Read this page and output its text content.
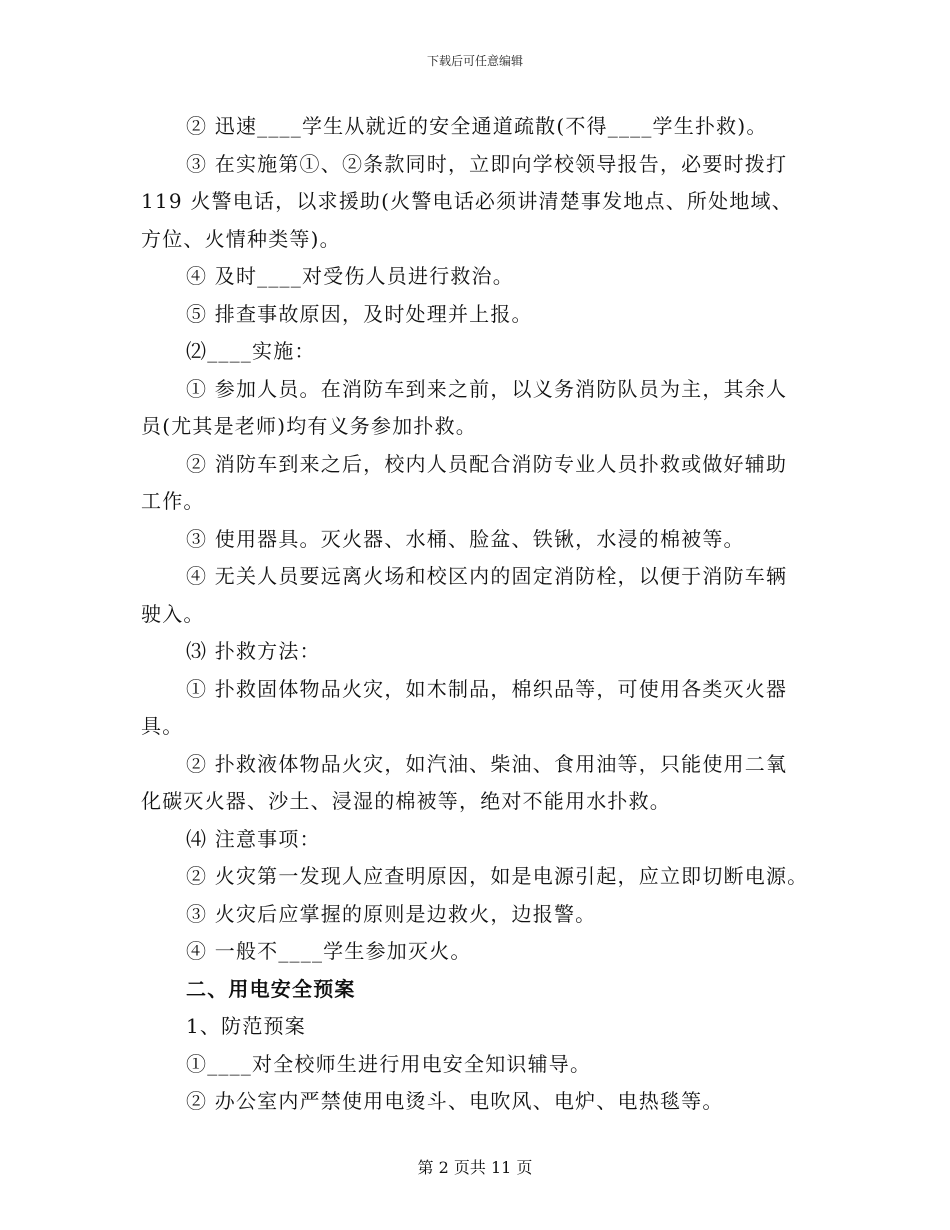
下载后可任意编辑
② 迅速____学生从就近的安全通道疏散(不得____学生扑救)。
③ 在实施第①、②条款同时，立即向学校领导报告，必要时拨打
119 火警电话，以求援助(火警电话必须讲清楚事发地点、所处地域、
方位、火情种类等)。
④ 及时____对受伤人员进行救治。
⑤ 排查事故原因，及时处理并上报。
⑵____实施：
① 参加人员。在消防车到来之前，以义务消防队员为主，其余人
员(尤其是老师)均有义务参加扑救。
② 消防车到来之后，校内人员配合消防专业人员扑救或做好辅助
工作。
③ 使用器具。灭火器、水桶、脸盆、铁锹，水浸的棉被等。
④ 无关人员要远离火场和校区内的固定消防栓，以便于消防车辆
驶入。
⑶ 扑救方法：
① 扑救固体物品火灾，如木制品，棉织品等，可使用各类灭火器
具。
② 扑救液体物品火灾，如汽油、柴油、食用油等，只能使用二氧
化碳灭火器、沙土、浸湿的棉被等，绝对不能用水扑救。
⑷ 注意事项：
② 火灾第一发现人应查明原因，如是电源引起，应立即切断电源。
③ 火灾后应掌握的原则是边救火，边报警。
④ 一般不____学生参加灭火。
二、用电安全预案
1、防范预案
①____对全校师生进行用电安全知识辅导。
② 办公室内严禁使用电烫斗、电吹风、电炉、电热毯等。
第 2 页共 11 页
